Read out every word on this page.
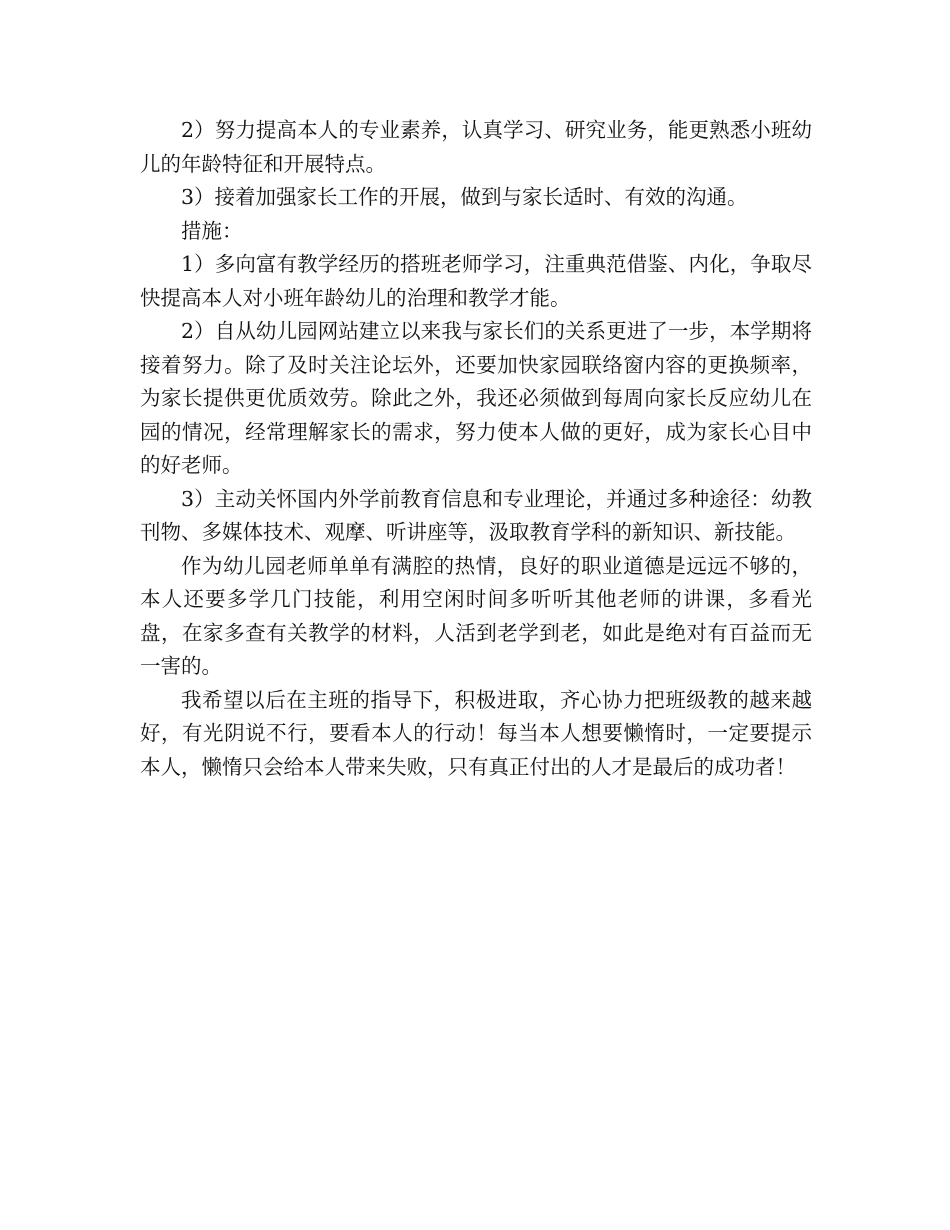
2）努力提高本人的专业素养，认真学习、研究业务，能更熟悉小班幼儿的年龄特征和开展特点。

3）接着加强家长工作的开展，做到与家长适时、有效的沟通。

措施：

1）多向富有教学经历的搭班老师学习，注重典范借鉴、内化，争取尽快提高本人对小班年龄幼儿的治理和教学才能。

2）自从幼儿园网站建立以来我与家长们的关系更进了一步，本学期将接着努力。除了及时关注论坛外，还要加快家园联络窗内容的更换频率，为家长提供更优质效劳。除此之外，我还必须做到每周向家长反应幼儿在园的情况，经常理解家长的需求，努力使本人做的更好，成为家长心目中的好老师。

3）主动关怀国内外学前教育信息和专业理论，并通过多种途径：幼教刊物、多媒体技术、观摩、听讲座等，汲取教育学科的新知识、新技能。

作为幼儿园老师单单有满腔的热情，良好的职业道德是远远不够的，本人还要多学几门技能，利用空闲时间多听听其他老师的讲课，多看光盘，在家多查有关教学的材料，人活到老学到老，如此是绝对有百益而无一害的。

我希望以后在主班的指导下，积极进取，齐心协力把班级教的越来越好，有光阴说不行，要看本人的行动！每当本人想要懒惰时，一定要提示本人，懒惰只会给本人带来失败，只有真正付出的人才是最后的成功者！
